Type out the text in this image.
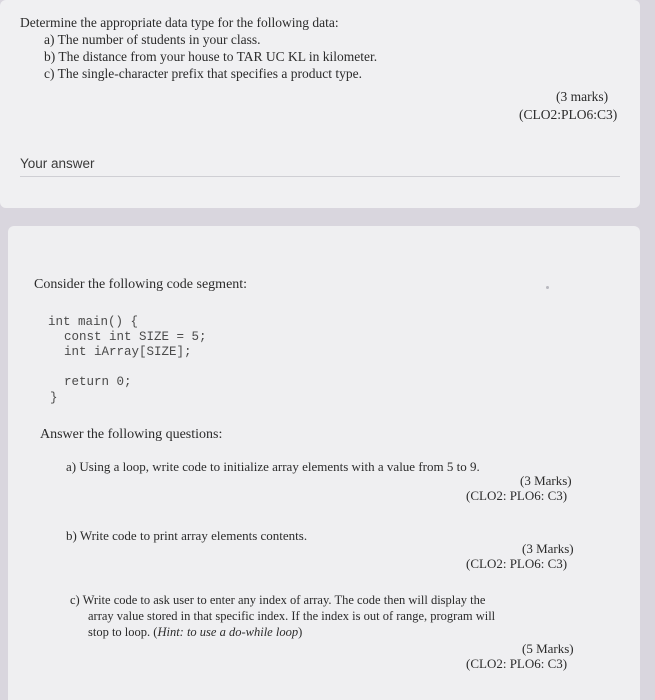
Determine the appropriate data type for the following data:
a) The number of students in your class.
b) The distance from your house to TAR UC KL in kilometer.
c) The single-character prefix that specifies a product type.
(3 marks)
(CLO2:PLO6:C3)
Your answer
Consider the following code segment:
int main() {
const int SIZE = 5;
int iArray[SIZE];
return 0;
}
Answer the following questions:
a) Using a loop, write code to initialize array elements with a value from 5 to 9.
(3 Marks)
(CLO2: PLO6: C3)
b) Write code to print array elements contents.
(3 Marks)
(CLO2: PLO6: C3)
c) Write code to ask user to enter any index of array. The code then will display the
array value stored in that specific index. If the index is out of range, program will
stop to loop. (Hint: to use a do-while loop)
(5 Marks)
(CLO2: PLO6: C3)
